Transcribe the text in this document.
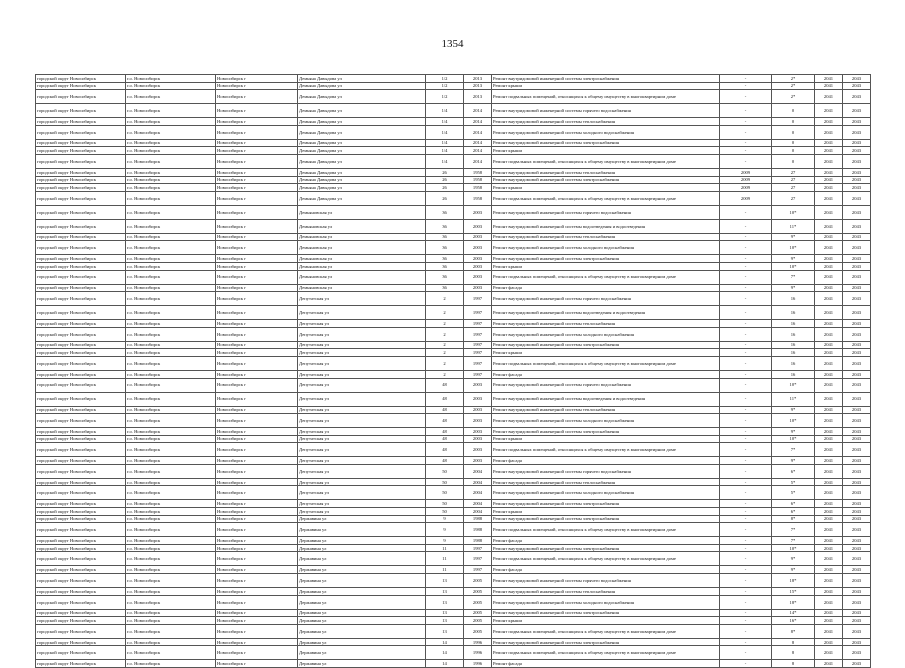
1354
городской округ Новосибирск	г.о. Новосибирск	Новосибирск г	Демьяна Давыдова ул	1/2	2013	Ремонт внутридомовой инженерной системы электроснабжения	-	2*	2041	2043
городской округ Новосибирск	г.о. Новосибирск	Новосибирск г	Демьяна Давыдова ул	1/2	2013	Ремонт крыши	-	2*	2041	2043
городской округ Новосибирск	г.о. Новосибирск	Новосибирск г	Демьяна Давыдова ул	1/2	2013	Ремонт подвальных помещений, относящихся к общему имуществу в многоквартирном доме	-	2*	2041	2043
городской округ Новосибирск	г.о. Новосибирск	Новосибирск г	Демьяна Давыдова ул	1/4	2014	Ремонт внутридомовой инженерной системы горячего водоснабжения	-	0	2041	2043
городской округ Новосибирск	г.о. Новосибирск	Новосибирск г	Демьяна Давыдова ул	1/4	2014	Ремонт внутридомовой инженерной системы теплоснабжения	-	0	2041	2043
городской округ Новосибирск	г.о. Новосибирск	Новосибирск г	Демьяна Давыдова ул	1/4	2014	Ремонт внутридомовой инженерной системы холодного водоснабжения	-	0	2041	2043
городской округ Новосибирск	г.о. Новосибирск	Новосибирск г	Демьяна Давыдова ул	1/4	2014	Ремонт внутридомовой инженерной системы электроснабжения	-	0	2041	2043
городской округ Новосибирск	г.о. Новосибирск	Новосибирск г	Демьяна Давыдова ул	1/4	2014	Ремонт крыши	-	0	2041	2043
городской округ Новосибирск	г.о. Новосибирск	Новосибирск г	Демьяна Давыдова ул	1/4	2014	Ремонт подвальных помещений, относящихся к общему имуществу в многоквартирном доме	-	0	2041	2043
городской округ Новосибирск	г.о. Новосибирск	Новосибирск г	Демьяна Давыдова ул	26	1958	Ремонт внутридомовой инженерной системы теплоснабжения	2009	27	2041	2043
городской округ Новосибирск	г.о. Новосибирск	Новосибирск г	Демьяна Давыдова ул	26	1958	Ремонт внутридомовой инженерной системы электроснабжения	2009	27	2041	2043
городской округ Новосибирск	г.о. Новосибирск	Новосибирск г	Демьяна Давыдова ул	26	1958	Ремонт крыши	2009	27	2041	2043
городской округ Новосибирск	г.о. Новосибирск	Новосибирск г	Демьяна Давыдова ул	26	1958	Ремонт подвальных помещений, относящихся к общему имуществу в многоквартирном доме	2009	27	2041	2043
городской округ Новосибирск	г.о. Новосибирск	Новосибирск г	Демьяновская ул	36	2003	Ремонт внутридомовой инженерной системы горячего водоснабжения	-	10*	2041	2043
городской округ Новосибирск	г.о. Новосибирск	Новосибирск г	Демьяновская ул	36	2003	Ремонт внутридомовой инженерной системы водоотведения и водоотведения	-	11*	2041	2043
городской округ Новосибирск	г.о. Новосибирск	Новосибирск г	Демьяновская ул	36	2003	Ремонт внутридомовой инженерной системы теплоснабжения	-	9*	2041	2043
городской округ Новосибирск	г.о. Новосибирск	Новосибирск г	Демьяновская ул	36	2003	Ремонт внутридомовой инженерной системы холодного водоснабжения	-	10*	2041	2043
городской округ Новосибирск	г.о. Новосибирск	Новосибирск г	Демьяновская ул	36	2003	Ремонт внутридомовой инженерной системы электроснабжения	-	9*	2041	2043
городской округ Новосибирск	г.о. Новосибирск	Новосибирск г	Демьяновская ул	36	2003	Ремонт крыши	-	10*	2041	2043
городской округ Новосибирск	г.о. Новосибирск	Новосибирск г	Демьяновская ул	36	2003	Ремонт подвальных помещений, относящихся к общему имуществу в многоквартирном доме	-	7*	2041	2043
городской округ Новосибирск	г.о. Новосибирск	Новосибирск г	Демьяновская ул	36	2003	Ремонт фасада	-	9*	2041	2043
городской округ Новосибирск	г.о. Новосибирск	Новосибирск г	Депутатская ул	2	1997	Ремонт внутридомовой инженерной системы горячего водоснабжения	-	16	2041	2043
городской округ Новосибирск	г.о. Новосибирск	Новосибирск г	Депутатская ул	2	1997	Ремонт внутридомовой инженерной системы водоотведения и водоотведения	-	16	2041	2043
городской округ Новосибирск	г.о. Новосибирск	Новосибирск г	Депутатская ул	2	1997	Ремонт внутридомовой инженерной системы теплоснабжения	-	16	2041	2043
городской округ Новосибирск	г.о. Новосибирск	Новосибирск г	Депутатская ул	2	1997	Ремонт внутридомовой инженерной системы холодного водоснабжения	-	16	2041	2043
городской округ Новосибирск	г.о. Новосибирск	Новосибирск г	Депутатская ул	2	1997	Ремонт внутридомовой инженерной системы электроснабжения	-	16	2041	2043
городской округ Новосибирск	г.о. Новосибирск	Новосибирск г	Депутатская ул	2	1997	Ремонт крыши	-	16	2041	2043
городской округ Новосибирск	г.о. Новосибирск	Новосибирск г	Депутатская ул	2	1997	Ремонт подвальных помещений, относящихся к общему имуществу в многоквартирном доме	-	16	2041	2043
городской округ Новосибирск	г.о. Новосибирск	Новосибирск г	Депутатская ул	2	1997	Ремонт фасада	-	16	2041	2043
городской округ Новосибирск	г.о. Новосибирск	Новосибирск г	Депутатская ул	48	2003	Ремонт внутридомовой инженерной системы горячего водоснабжения	-	10*	2041	2043
городской округ Новосибирск	г.о. Новосибирск	Новосибирск г	Депутатская ул	48	2003	Ремонт внутридомовой инженерной системы водоотведения и водоотведения	-	11*	2041	2043
городской округ Новосибирск	г.о. Новосибирск	Новосибирск г	Депутатская ул	48	2003	Ремонт внутридомовой инженерной системы теплоснабжения	-	9*	2041	2043
городской округ Новосибирск	г.о. Новосибирск	Новосибирск г	Депутатская ул	48	2003	Ремонт внутридомовой инженерной системы холодного водоснабжения	-	10*	2041	2043
городской округ Новосибирск	г.о. Новосибирск	Новосибирск г	Депутатская ул	48	2003	Ремонт внутридомовой инженерной системы электроснабжения	-	9*	2041	2043
городской округ Новосибирск	г.о. Новосибирск	Новосибирск г	Депутатская ул	48	2003	Ремонт крыши	-	10*	2041	2043
городской округ Новосибирск	г.о. Новосибирск	Новосибирск г	Депутатская ул	48	2003	Ремонт подвальных помещений, относящихся к общему имуществу в многоквартирном доме	-	7*	2041	2043
городской округ Новосибирск	г.о. Новосибирск	Новосибирск г	Депутатская ул	48	2003	Ремонт фасада	-	9*	2041	2043
городской округ Новосибирск	г.о. Новосибирск	Новосибирск г	Депутатская ул	50	2004	Ремонт внутридомовой инженерной системы горячего водоснабжения	-	6*	2041	2043
городской округ Новосибирск	г.о. Новосибирск	Новосибирск г	Депутатская ул	50	2004	Ремонт внутридомовой инженерной системы теплоснабжения	-	5*	2041	2043
городской округ Новосибирск	г.о. Новосибирск	Новосибирск г	Депутатская ул	50	2004	Ремонт внутридомовой инженерной системы холодного водоснабжения	-	5*	2041	2043
городской округ Новосибирск	г.о. Новосибирск	Новосибирск г	Депутатская ул	50	2004	Ремонт внутридомовой инженерной системы электроснабжения	-	6*	2041	2043
городской округ Новосибирск	г.о. Новосибирск	Новосибирск г	Депутатская ул	50	2004	Ремонт крыши	-	6*	2041	2043
городской округ Новосибирск	г.о. Новосибирск	Новосибирск г	Державина ул	9	1988	Ремонт внутридомовой инженерной системы электроснабжения	-	8*	2041	2043
городской округ Новосибирск	г.о. Новосибирск	Новосибирск г	Державина ул	9	1988	Ремонт подвальных помещений, относящихся к общему имуществу в многоквартирном доме	-	7*	2041	2043
городской округ Новосибирск	г.о. Новосибирск	Новосибирск г	Державина ул	9	1988	Ремонт фасада	-	7*	2041	2043
городской округ Новосибирск	г.о. Новосибирск	Новосибирск г	Державина ул	11	1997	Ремонт внутридомовой инженерной системы электроснабжения	-	10*	2041	2043
городской округ Новосибирск	г.о. Новосибирск	Новосибирск г	Державина ул	11	1997	Ремонт подвальных помещений, относящихся к общему имуществу в многоквартирном доме	-	9*	2041	2043
городской округ Новосибирск	г.о. Новосибирск	Новосибирск г	Державина ул	11	1997	Ремонт фасада	-	9*	2041	2043
городской округ Новосибирск	г.о. Новосибирск	Новосибирск г	Державина ул	13	2005	Ремонт внутридомовой инженерной системы горячего водоснабжения	-	18*	2041	2043
городской округ Новосибирск	г.о. Новосибирск	Новосибирск г	Державина ул	13	2005	Ремонт внутридомовой инженерной системы теплоснабжения	-	15*	2041	2043
городской округ Новосибирск	г.о. Новосибирск	Новосибирск г	Державина ул	13	2005	Ремонт внутридомовой инженерной системы холодного водоснабжения	-	18*	2041	2043
городской округ Новосибирск	г.о. Новосибирск	Новосибирск г	Державина ул	13	2005	Ремонт внутридомовой инженерной системы электроснабжения	-	14*	2041	2043
городской округ Новосибирск	г.о. Новосибирск	Новосибирск г	Державина ул	13	2005	Ремонт крыши	-	16*	2041	2043
городской округ Новосибирск	г.о. Новосибирск	Новосибирск г	Державина ул	13	2005	Ремонт подвальных помещений, относящихся к общему имуществу в многоквартирном доме	-	8*	2041	2043
городской округ Новосибирск	г.о. Новосибирск	Новосибирск г	Державина ул	14	1996	Ремонт внутридомовой инженерной системы электроснабжения	-	8	2041	2043
городской округ Новосибирск	г.о. Новосибирск	Новосибирск г	Державина ул	14	1996	Ремонт подвальных помещений, относящихся к общему имуществу в многоквартирном доме	-	8	2041	2043
городской округ Новосибирск	г.о. Новосибирск	Новосибирск г	Державина ул	14	1996	Ремонт фасада	-	8	2041	2043
